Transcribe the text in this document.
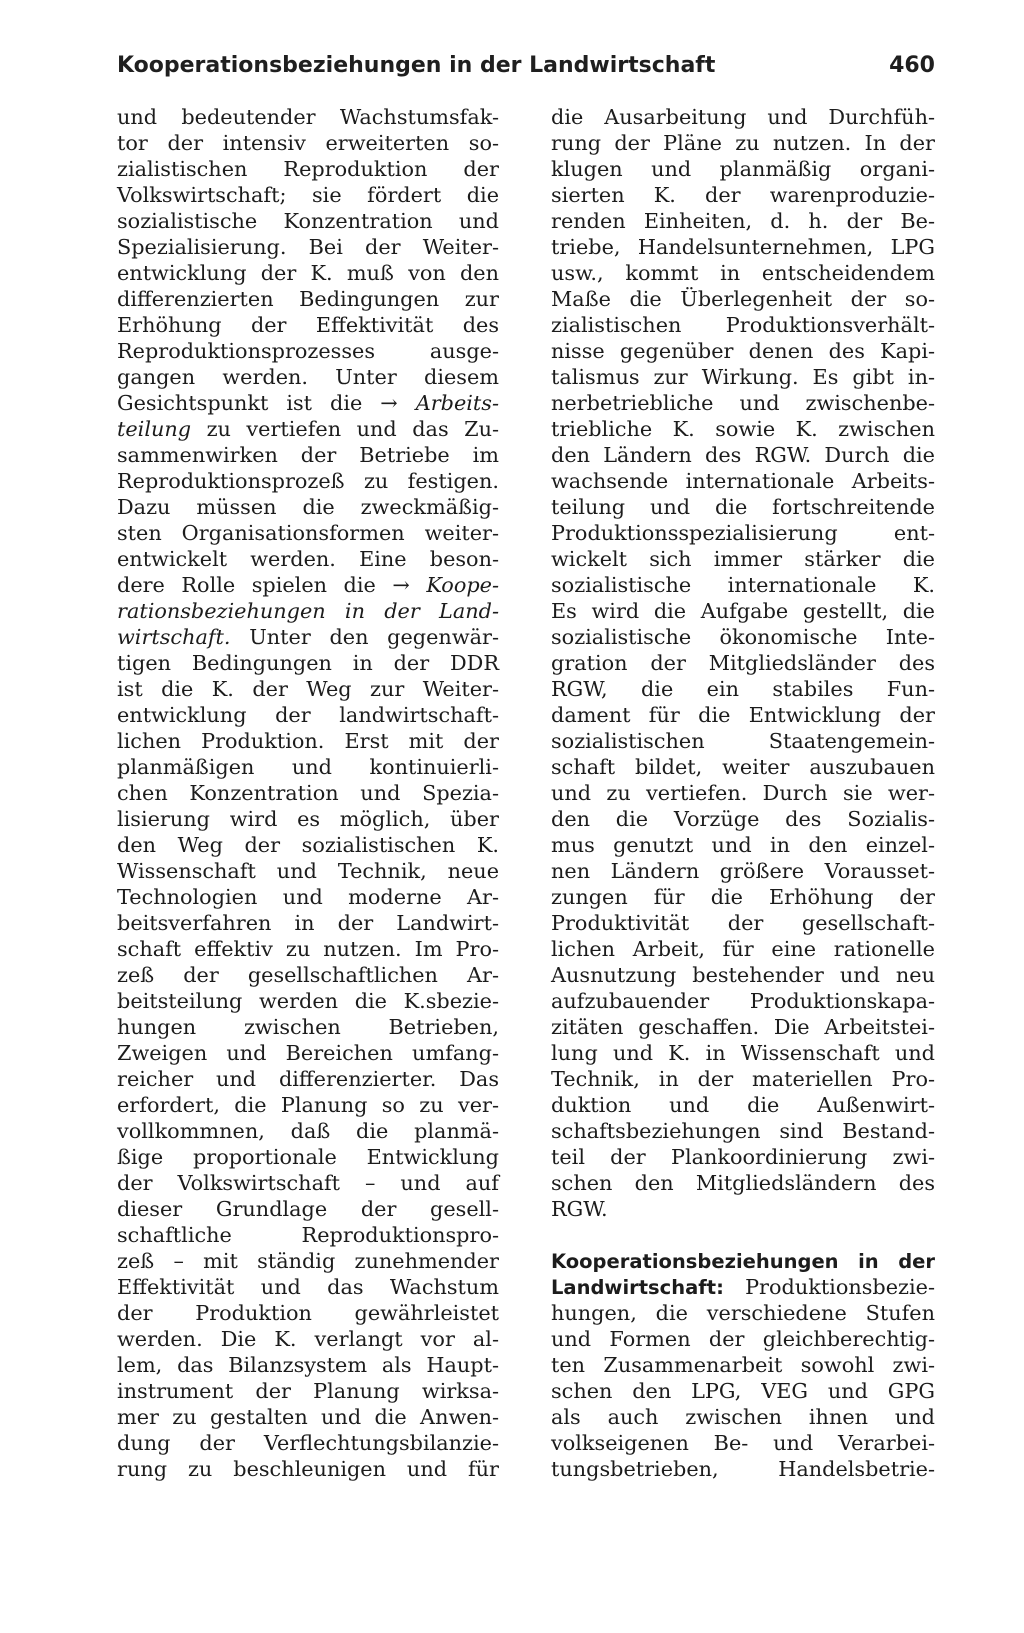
Kooperationsbeziehungen in der Landwirtschaft	460
und bedeutender Wachstumsfak-
tor der intensiv erweiterten so-
zialistischen Reproduktion der
Volkswirtschaft; sie fördert die
sozialistische Konzentration und
Spezialisierung. Bei der Weiter-
entwicklung der K. muß von den
differenzierten Bedingungen zur
Erhöhung der Effektivität des
Reproduktionsprozesses ausge-
gangen werden. Unter diesem
Gesichtspunkt ist die → Arbeits-
teilung zu vertiefen und das Zu-
sammenwirken der Betriebe im
Reproduktionsprozeß zu festigen.
Dazu müssen die zweckmäßig-
sten Organisationsformen weiter-
entwickelt werden. Eine beson-
dere Rolle spielen die → Koope-
rationsbeziehungen in der Land-
wirtschaft. Unter den gegenwär-
tigen Bedingungen in der DDR
ist die K. der Weg zur Weiter-
entwicklung der landwirtschaft-
lichen Produktion. Erst mit der
planmäßigen und kontinuierli-
chen Konzentration und Spezia-
lisierung wird es möglich, über
den Weg der sozialistischen K.
Wissenschaft und Technik, neue
Technologien und moderne Ar-
beitsverfahren in der Landwirt-
schaft effektiv zu nutzen. Im Pro-
zeß der gesellschaftlichen Ar-
beitsteilung werden die K.sbezie-
hungen zwischen Betrieben,
Zweigen und Bereichen umfang-
reicher und differenzierter. Das
erfordert, die Planung so zu ver-
vollkommnen, daß die planmä-
ßige proportionale Entwicklung
der Volkswirtschaft – und auf
dieser Grundlage der gesell-
schaftliche Reproduktionspro-
zeß – mit ständig zunehmender
Effektivität und das Wachstum
der Produktion gewährleistet
werden. Die K. verlangt vor al-
lem, das Bilanzsystem als Haupt-
instrument der Planung wirksa-
mer zu gestalten und die Anwen-
dung der Verflechtungsbilanzie-
rung zu beschleunigen und für
die Ausarbeitung und Durchfüh-
rung der Pläne zu nutzen. In der
klugen und planmäßig organi-
sierten K. der warenproduzie-
renden Einheiten, d. h. der Be-
triebe, Handelsunternehmen, LPG
usw., kommt in entscheidendem
Maße die Überlegenheit der so-
zialistischen Produktionsverhält-
nisse gegenüber denen des Kapi-
talismus zur Wirkung. Es gibt in-
nerbetriebliche und zwischenbe-
triebliche K. sowie K. zwischen
den Ländern des RGW. Durch die
wachsende internationale Arbeits-
teilung und die fortschreitende
Produktionsspezialisierung ent-
wickelt sich immer stärker die
sozialistische internationale K.
Es wird die Aufgabe gestellt, die
sozialistische ökonomische Inte-
gration der Mitgliedsländer des
RGW, die ein stabiles Fun-
dament für die Entwicklung der
sozialistischen Staatengemein-
schaft bildet, weiter auszubauen
und zu vertiefen. Durch sie wer-
den die Vorzüge des Sozialis-
mus genutzt und in den einzel-
nen Ländern größere Vorausset-
zungen für die Erhöhung der
Produktivität der gesellschaft-
lichen Arbeit, für eine rationelle
Ausnutzung bestehender und neu
aufzubauender Produktionskapa-
zitäten geschaffen. Die Arbeitstei-
lung und K. in Wissenschaft und
Technik, in der materiellen Pro-
duktion und die Außenwirt-
schaftsbeziehungen sind Bestand-
teil der Plankoordinierung zwi-
schen den Mitgliedsländern des
RGW.
Kooperationsbeziehungen in der
Landwirtschaft: Produktionsbezie-
hungen, die verschiedene Stufen
und Formen der gleichberechtig-
ten Zusammenarbeit sowohl zwi-
schen den LPG, VEG und GPG
als auch zwischen ihnen und
volkseigenen Be- und Verarbei-
tungsbetrieben, Handelsbetrie-
